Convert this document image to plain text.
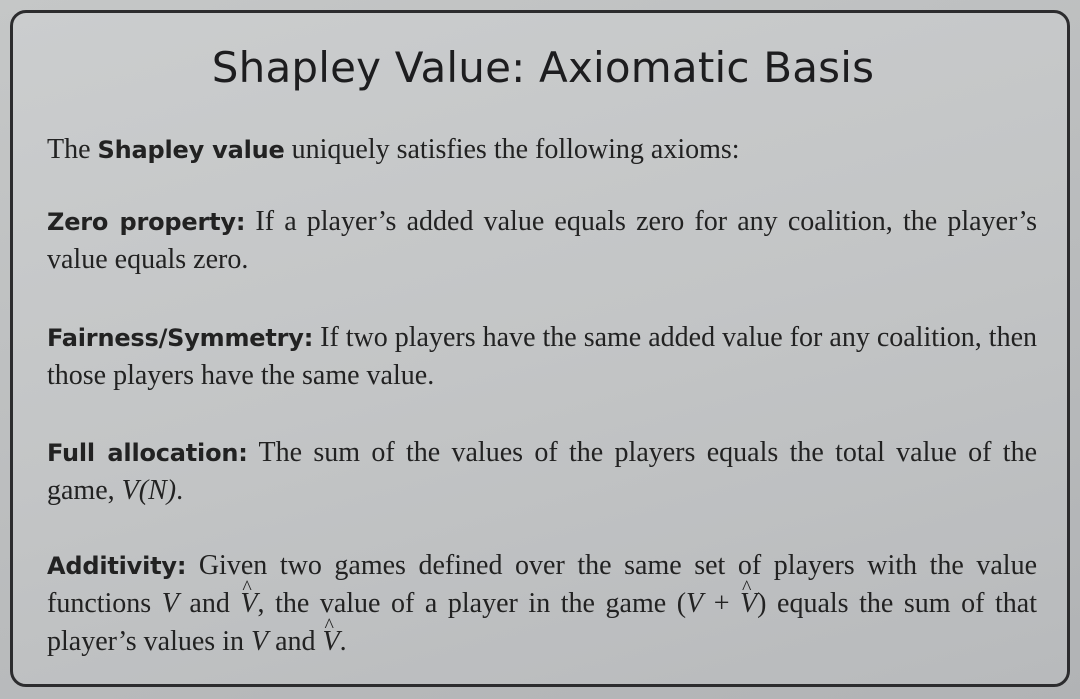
Shapley Value: Axiomatic Basis

The Shapley value uniquely satisfies the following axioms:

Zero property: If a player’s added value equals zero for any coalition, the player’s value equals zero.

Fairness/Symmetry: If two players have the same added value for any coalition, then those players have the same value.

Full allocation: The sum of the values of the players equals the total value of the game, V(N).

Additivity: Given two games defined over the same set of players with the value functions V and ^ V, the value of a player in the game (V + ^ V) equals the sum of that player’s values in V and ^ V.
